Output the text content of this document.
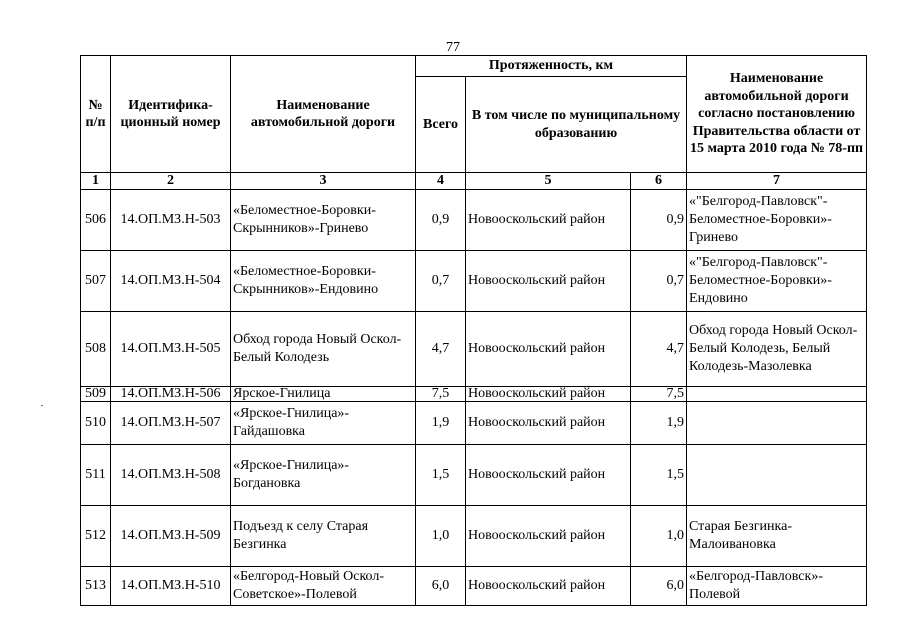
77
№ п/п	Идентифика-ционный номер	Наименование автомобильной дороги	Протяженность, км			Наименование автомобильной дороги согласно постановлению Правительства области от 15 марта 2010 года № 78-пп
			Всего	В том числе по муниципальному образованию		
1	2	3	4	5	6	7
506	14.ОП.МЗ.Н-503	«Беломестное-Боровки-Скрынников»-Гринево	0,9	Новооскольский район	0,9	«"Белгород-Павловск"-Беломестное-Боровки»-Гринево
507	14.ОП.МЗ.Н-504	«Беломестное-Боровки-Скрынников»-Ендовино	0,7	Новооскольский район	0,7	«"Белгород-Павловск"-Беломестное-Боровки»-Ендовино
508	14.ОП.МЗ.Н-505	Обход города Новый Оскол-Белый Колодезь	4,7	Новооскольский район	4,7	Обход города Новый Оскол-Белый Колодезь, Белый Колодезь-Мазолевка
509	14.ОП.МЗ.Н-506	Ярское-Гнилица	7,5	Новооскольский район	7,5	
510	14.ОП.МЗ.Н-507	«Ярское-Гнилица»-Гайдашовка	1,9	Новооскольский район	1,9	
511	14.ОП.МЗ.Н-508	«Ярское-Гнилица»-Богдановка	1,5	Новооскольский район	1,5	
512	14.ОП.МЗ.Н-509	Подъезд к селу Старая Безгинка	1,0	Новооскольский район	1,0	Старая Безгинка-Малоивановка
513	14.ОП.МЗ.Н-510	«Белгород-Новый Оскол-Советское»-Полевой	6,0	Новооскольский район	6,0	«Белгород-Павловск»-Полевой
